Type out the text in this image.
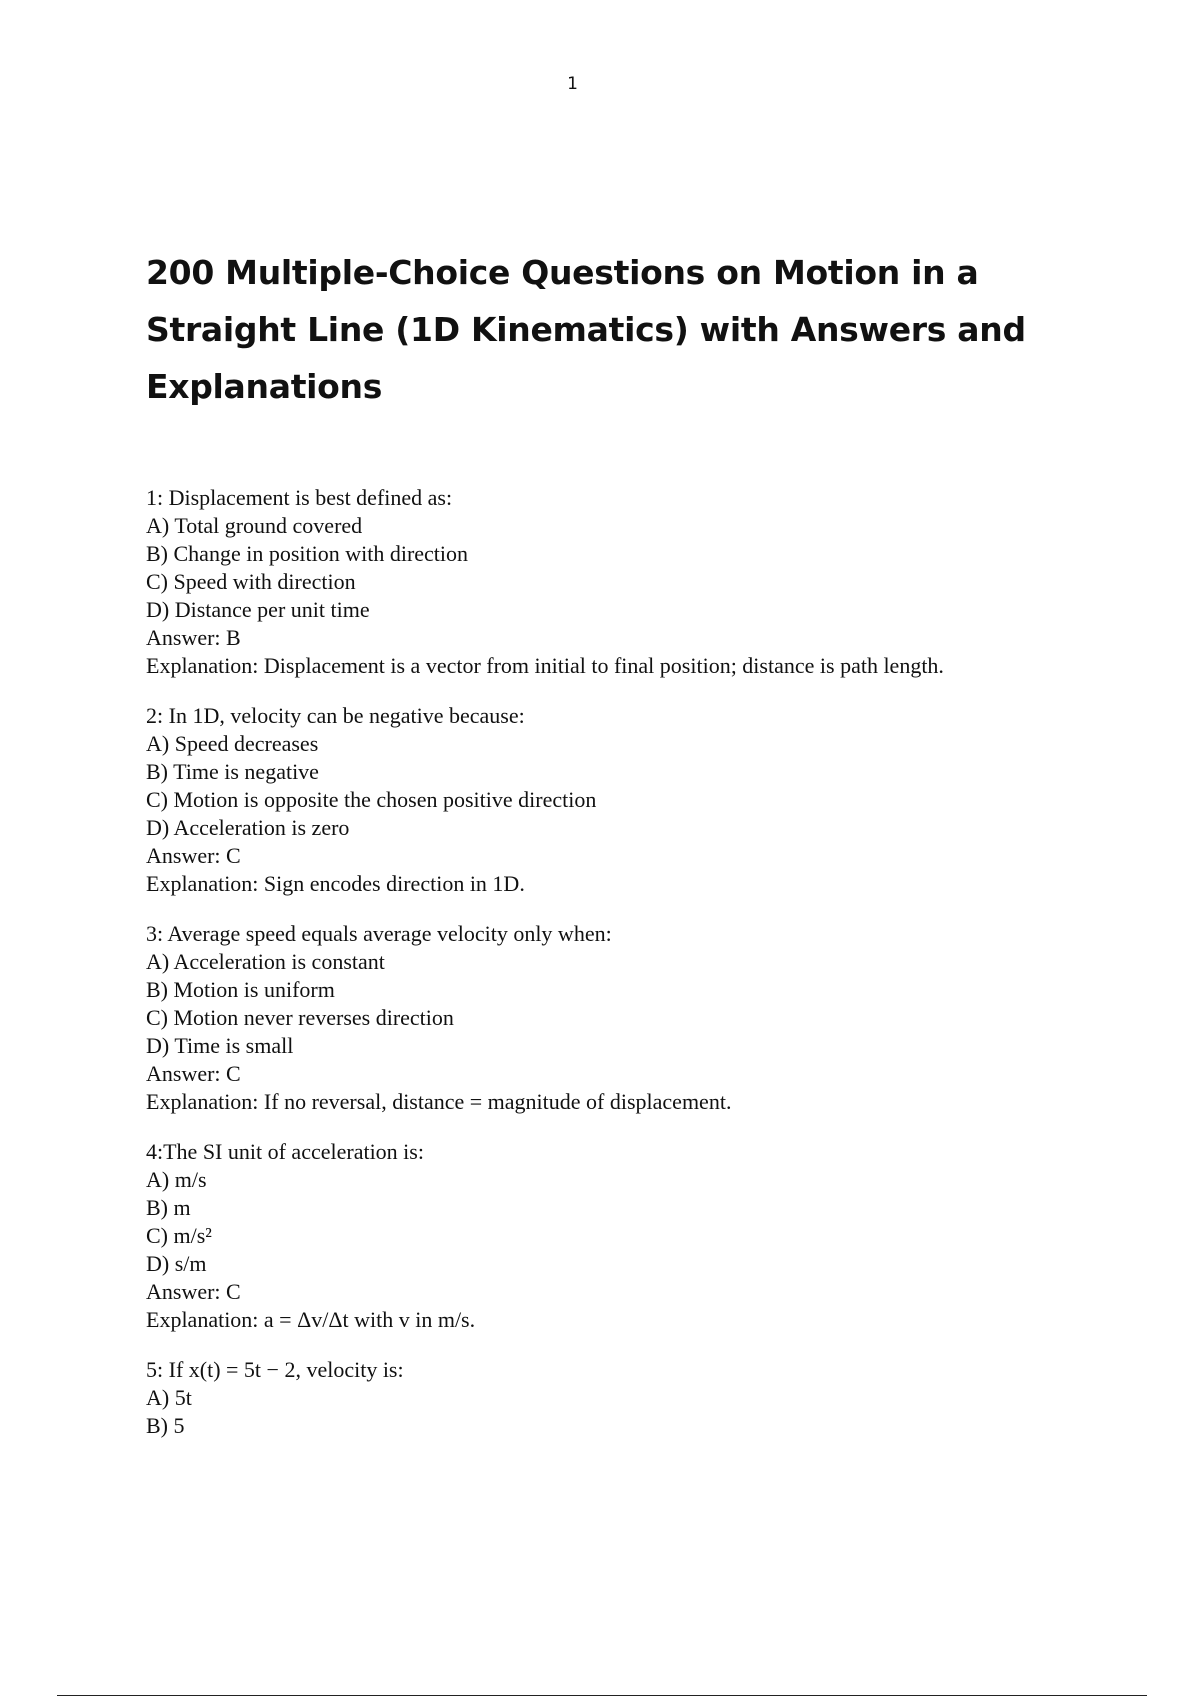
1
200 Multiple-Choice Questions on Motion in a Straight Line (1D Kinematics) with Answers and Explanations
1: Displacement is best defined as:
A) Total ground covered
B) Change in position with direction
C) Speed with direction
D) Distance per unit time
Answer: B
Explanation: Displacement is a vector from initial to final position; distance is path length.
2: In 1D, velocity can be negative because:
A) Speed decreases
B) Time is negative
C) Motion is opposite the chosen positive direction
D) Acceleration is zero
Answer: C
Explanation: Sign encodes direction in 1D.
3: Average speed equals average velocity only when:
A) Acceleration is constant
B) Motion is uniform
C) Motion never reverses direction
D) Time is small
Answer: C
Explanation: If no reversal, distance = magnitude of displacement.
4:The SI unit of acceleration is:
A) m/s
B) m
C) m/s²
D) s/m
Answer: C
Explanation: a = Δv/Δt with v in m/s.
5: If x(t) = 5t − 2, velocity is:
A) 5t
B) 5
